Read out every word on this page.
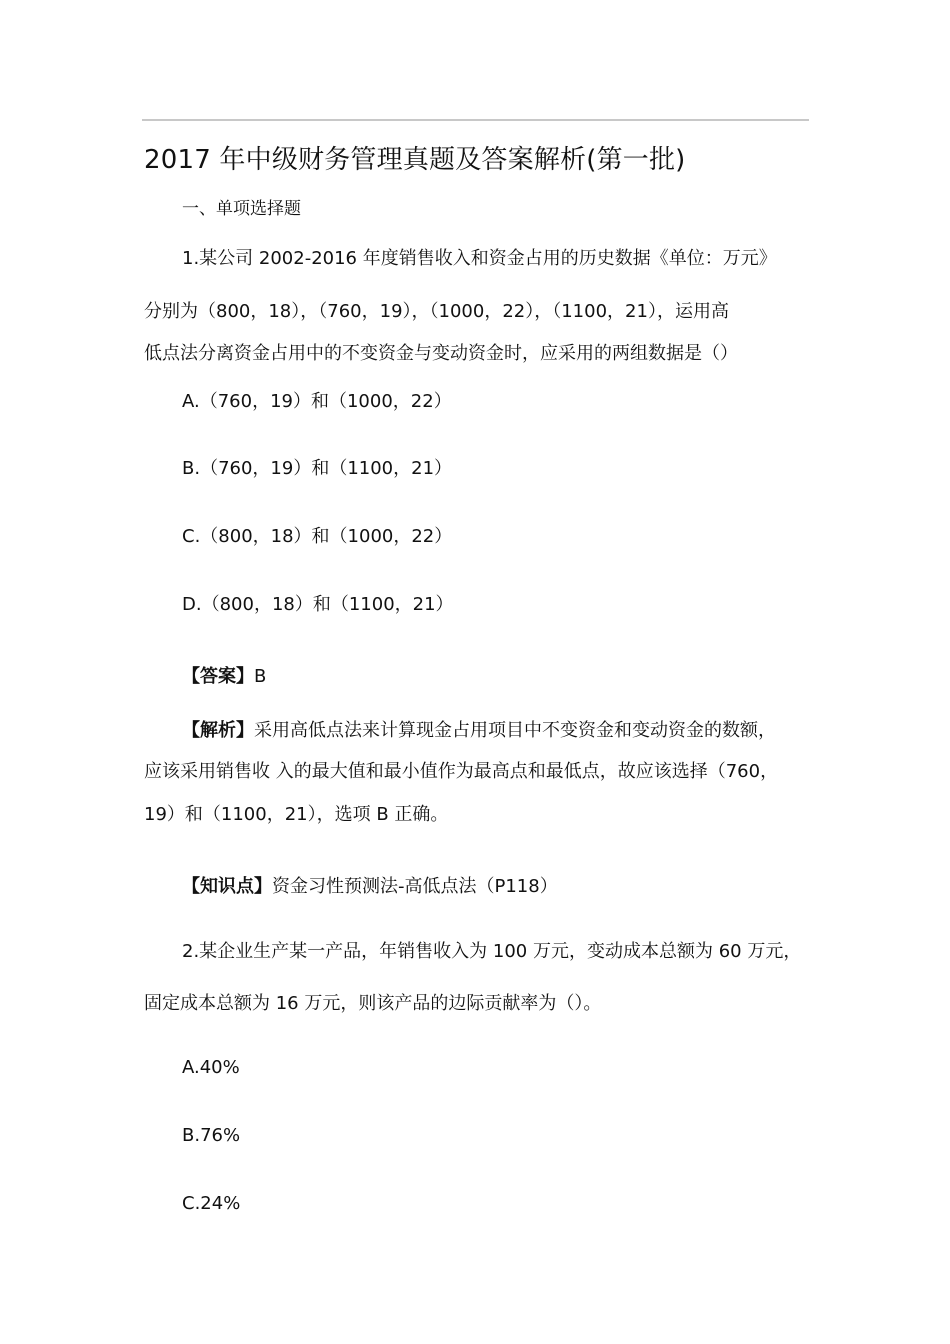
2017 年中级财务管理真题及答案解析(第一批)
一、单项选择题
1.某公司 2002-2016 年度销售收入和资金占用的历史数据《单位：万元》
分别为（800，18），（760，19），（1000，22），（1100，21），运用高
低点法分离资金占用中的不变资金与变动资金时，应采用的两组数据是（）
A.（760，19）和（1000，22）
B.（760，19）和（1100，21）
C.（800，18）和（1000，22）
D.（800，18）和（1100，21）
【答案】B
【解析】采用高低点法来计算现金占用项目中不变资金和变动资金的数额，
应该采用销售收 入的最大值和最小值作为最高点和最低点，故应该选择（760，
19）和（1100，21），选项 B 正确。
【知识点】资金习性预测法-高低点法（P118）
2.某企业生产某一产品，年销售收入为 100 万元，变动成本总额为 60 万元，
固定成本总额为 16 万元，则该产品的边际贡献率为（）。
A.40%
B.76%
C.24%
